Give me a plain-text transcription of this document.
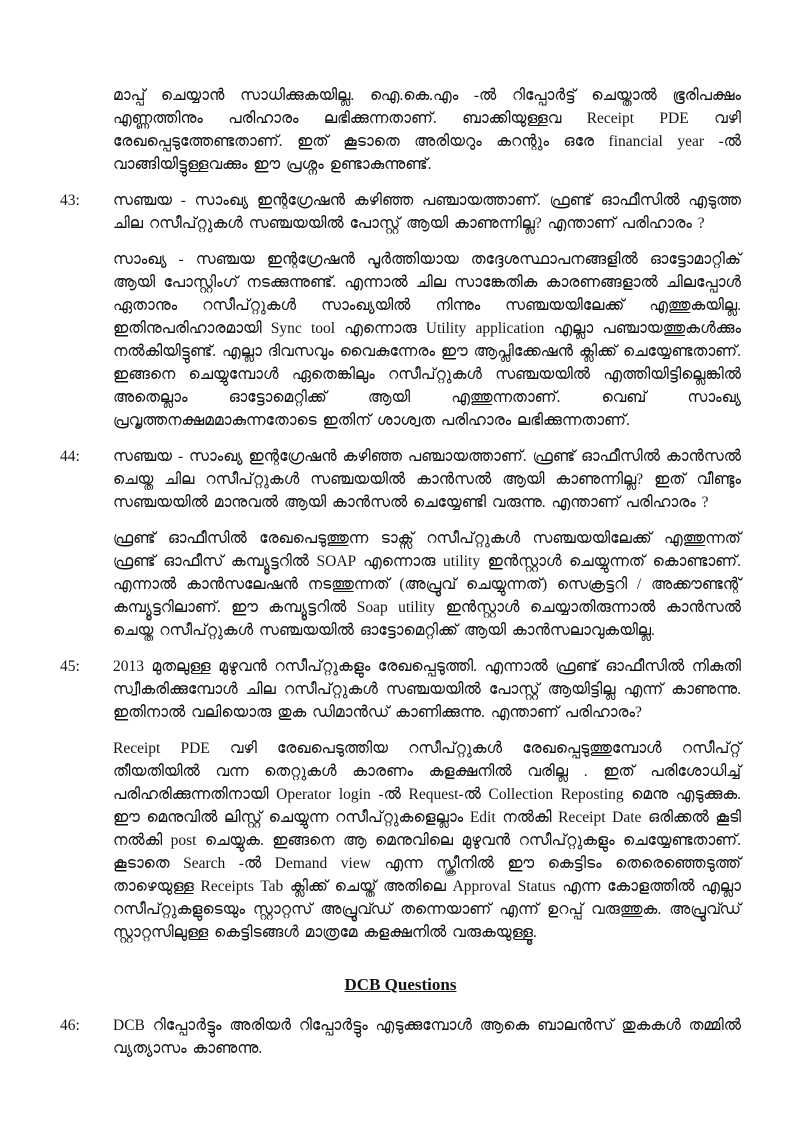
മാപ്പ് ചെയ്യാൻ സാധിക്കുകയില്ല. ഐ.കെ.എം -ൽ റിപ്പോർട്ട് ചെയ്താൽ ഭൂരിപക്ഷം എണ്ണത്തിനും പരിഹാരം ലഭിക്കുന്നതാണ്. ബാക്കിയുള്ളവ Receipt PDE വഴി രേഖപ്പെടുത്തേണ്ടതാണ്. ഇത് കൂടാതെ അരിയറും കറന്റും ഒരേ financial year -ൽ വാങ്ങിയിട്ടുള്ളവക്കും ഈ പ്രശ്നം ഉണ്ടാകുന്നുണ്ട്.

43:	സഞ്ചയ - സാംഖ്യ ഇന്റഗ്രേഷൻ കഴിഞ്ഞ പഞ്ചായത്താണ്. ഫ്രണ്ട് ഓഫീസിൽ എടുത്ത ചില റസീപ്റ്റുകൾ സഞ്ചയയിൽ പോസ്റ്റ് ആയി കാണുന്നില്ല? എന്താണ് പരിഹാരം ?

സാംഖ്യ - സഞ്ചയ ഇന്റഗ്രേഷൻ പൂർത്തിയായ തദ്ദേശസ്ഥാപനങ്ങളിൽ ഓട്ടോമാറ്റിക് ആയി പോസ്റ്റിംഗ് നടക്കുന്നുണ്ട്. എന്നാൽ ചില സാങ്കേതിക കാരണങ്ങളാൽ ചിലപ്പോൾ ഏതാനും റസീപ്റ്റുകൾ സാംഖ്യയിൽ നിന്നും സഞ്ചയയിലേക്ക് എത്തുകയില്ല. ഇതിനുപരിഹാരമായി Sync tool എന്നൊരു Utility application എല്ലാ പഞ്ചായത്തുകൾക്കും നൽകിയിട്ടുണ്ട്. എല്ലാ ദിവസവും വൈകുന്നേരം ഈ ആപ്ലിക്കേഷൻ ക്ലിക്ക് ചെയ്യേണ്ടതാണ്. ഇങ്ങനെ ചെയ്യുമ്പോൾ ഏതെങ്കിലും റസീപ്റ്റുകൾ സഞ്ചയയിൽ എത്തിയിട്ടില്ലെങ്കിൽ അതെല്ലാം ഓട്ടോമെറ്റിക്ക് ആയി എത്തുന്നതാണ്. വെബ് സാംഖ്യ പ്രവൃത്തനക്ഷമമാകുന്നതോടെ ഇതിന് ശാശ്വത പരിഹാരം ലഭിക്കുന്നതാണ്.

44:	സഞ്ചയ - സാംഖ്യ ഇന്റഗ്രേഷൻ കഴിഞ്ഞ പഞ്ചായത്താണ്. ഫ്രണ്ട് ഓഫീസിൽ കാൻസൽ ചെയ്ത ചില റസീപ്റ്റുകൾ സഞ്ചയയിൽ കാൻസൽ ആയി കാണുന്നില്ല? ഇത് വീണ്ടും സഞ്ചയയിൽ മാനുവൽ ആയി കാൻസൽ ചെയ്യേണ്ടി വരുന്നു. എന്താണ് പരിഹാരം ?

ഫ്രണ്ട് ഓഫീസിൽ രേഖപെടുത്തുന്ന ടാക്സ് റസീപ്റ്റുകൾ സഞ്ചയയിലേക്ക് എത്തുന്നത് ഫ്രണ്ട് ഓഫീസ് കമ്പ്യൂട്ടറിൽ SOAP എന്നൊരു utility ഇൻസ്റ്റാൾ ചെയ്യുന്നത് കൊണ്ടാണ്. എന്നാൽ കാൻസലേഷൻ നടത്തുന്നത് (അപ്രൂവ് ചെയ്യുന്നത്) സെക്രട്ടറി / അക്കൗണ്ടന്റ് കമ്പ്യൂട്ടറിലാണ്. ഈ കമ്പ്യൂട്ടറിൽ Soap utility ഇൻസ്റ്റാൾ ചെയ്യാതിരുന്നാൽ കാൻസൽ ചെയ്ത റസീപ്റ്റുകൾ സഞ്ചയയിൽ ഓട്ടോമെറ്റിക്ക് ആയി കാൻസലാവുകയില്ല.

45:	2013 മുതലുള്ള മുഴുവൻ റസീപ്റ്റുകളും രേഖപ്പെടുത്തി. എന്നാൽ ഫ്രണ്ട് ഓഫീസിൽ നികുതി സ്വീകരിക്കുമ്പോൾ ചില റസീപ്റ്റുകൾ സഞ്ചയയിൽ പോസ്റ്റ് ആയിട്ടില്ല എന്ന് കാണുന്നു. ഇതിനാൽ വലിയൊരു തുക ഡിമാൻഡ് കാണിക്കുന്നു. എന്താണ് പരിഹാരം?

Receipt PDE വഴി രേഖപെടുത്തിയ റസീപ്റ്റുകൾ രേഖപ്പെടുത്തുമ്പോൾ റസീപ്റ്റ് തീയതിയിൽ വന്ന തെറ്റുകൾ കാരണം കളക്ഷനിൽ വരില്ല . ഇത് പരിശോധിച്ച് പരിഹരിക്കുന്നതിനായി Operator login -ൽ Request-ൽ Collection Reposting മെനു എടുക്കുക. ഈ മെനുവിൽ ലിസ്റ്റ് ചെയ്യുന്ന റസീപ്റ്റുകളെല്ലാം Edit നൽകി Receipt Date ഒരിക്കൽ കൂടി നൽകി post ചെയ്യുക. ഇങ്ങനെ ആ മെനുവിലെ മുഴുവൻ റസീപ്റ്റുകളും ചെയ്യേണ്ടതാണ്. കൂടാതെ Search -ൽ Demand view എന്ന സ്ക്രീനിൽ ഈ കെട്ടിടം തെരെഞ്ഞെടുത്ത് താഴെയുള്ള Receipts Tab ക്ലിക്ക് ചെയ്ത് അതിലെ Approval Status എന്ന കോളത്തിൽ എല്ലാ റസീപ്റ്റുകളുടെയും സ്റ്റാറ്റസ് അപ്രൂവ്ഡ് തന്നെയാണ് എന്ന് ഉറപ്പ് വരുത്തുക. അപ്രൂവ്ഡ് സ്റ്റാറ്റസിലുള്ള കെട്ടിടങ്ങൾ മാത്രമേ കളക്ഷനിൽ വരുകയുള്ളൂ.

DCB Questions
46:	DCB റിപ്പോർട്ടും അരിയർ റിപ്പോർട്ടും എടുക്കുമ്പോൾ ആകെ ബാലൻസ് തുകകൾ തമ്മിൽ വ്യത്യാസം കാണുന്നു.
